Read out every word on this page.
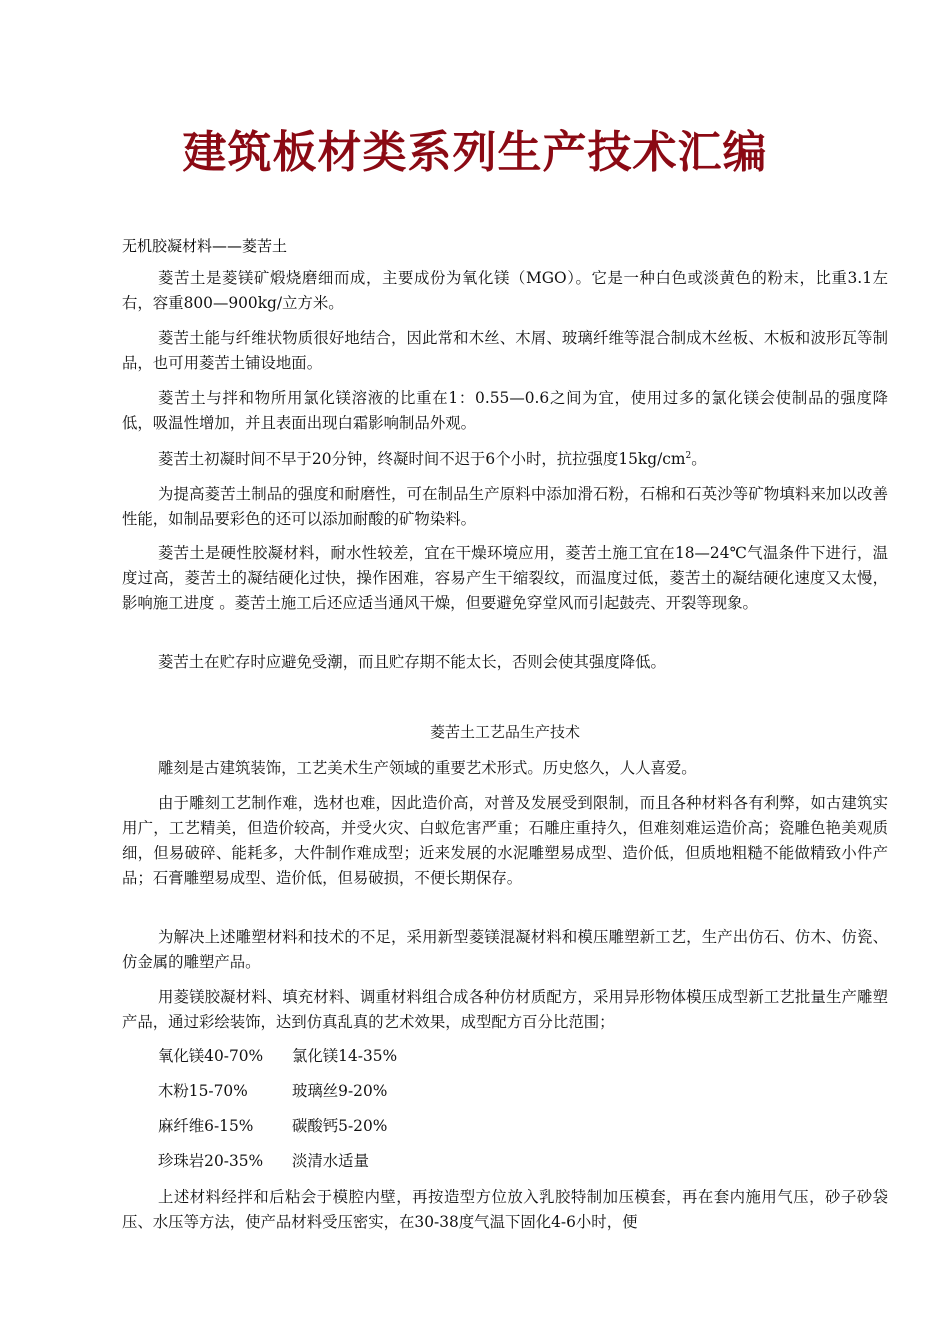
建筑板材类系列生产技术汇编
无机胶凝材料——菱苦土

菱苦土是菱镁矿煅烧磨细而成，主要成份为氧化镁（MGO）。它是一种白色或淡黄色的粉末，比重3.1左右，容重800—900kg/立方米。

菱苦土能与纤维状物质很好地结合，因此常和木丝、木屑、玻璃纤维等混合制成木丝板、木板和波形瓦等制品，也可用菱苦土铺设地面。

菱苦土与拌和物所用氯化镁溶液的比重在1：0.55—0.6之间为宜，使用过多的氯化镁会使制品的强度降低，吸温性增加，并且表面出现白霜影响制品外观。

菱苦土初凝时间不早于20分钟，终凝时间不迟于6个小时，抗拉强度$15kg/cm^2$。

为提高菱苦土制品的强度和耐磨性，可在制品生产原料中添加滑石粉，石棉和石英沙等矿物填料来加以改善性能，如制品要彩色的还可以添加耐酸的矿物染料。

菱苦土是硬性胶凝材料，耐水性较差，宜在干燥环境应用，菱苦土施工宜在18—24℃气温条件下进行，温度过高，菱苦土的凝结硬化过快，操作困难，容易产生干缩裂纹，而温度过低，菱苦土的凝结硬化速度又太慢，影响施工进度 。菱苦土施工后还应适当通风干燥，但要避免穿堂风而引起鼓壳、开裂等现象。

菱苦土在贮存时应避免受潮，而且贮存期不能太长，否则会使其强度降低。

菱苦土工艺品生产技术

雕刻是古建筑装饰，工艺美术生产领域的重要艺术形式。历史悠久，人人喜爱。

由于雕刻工艺制作难，选材也难，因此造价高，对普及发展受到限制，而且各种材料各有利弊，如古建筑实用广，工艺精美，但造价较高，并受火灾、白蚁危害严重；石雕庄重持久，但难刻难运造价高；瓷雕色艳美观质细，但易破碎、能耗多，大件制作难成型；近来发展的水泥雕塑易成型、造价低，但质地粗糙不能做精致小件产品；石膏雕塑易成型、造价低，但易破损，不便长期保存。

为解决上述雕塑材料和技术的不足，采用新型菱镁混凝材料和模压雕塑新工艺，生产出仿石、仿木、仿瓷、仿金属的雕塑产品。

用菱镁胶凝材料、填充材料、调重材料组合成各种仿材质配方，采用异形物体模压成型新工艺批量生产雕塑产品，通过彩绘装饰，达到仿真乱真的艺术效果，成型配方百分比范围；

氧化镁40-70% 氯化镁14-35%
木粉15-70%	玻璃丝9-20%
麻纤维6-15%	碳酸钙5-20%
珍珠岩20-35% 淡清水适量

上述材料经拌和后粘会于模腔内壁，再按造型方位放入乳胶特制加压模套，再在套内施用气压，砂子砂袋压、水压等方法，使产品材料受压密实，在30-38度气温下固化4-6小时，便
